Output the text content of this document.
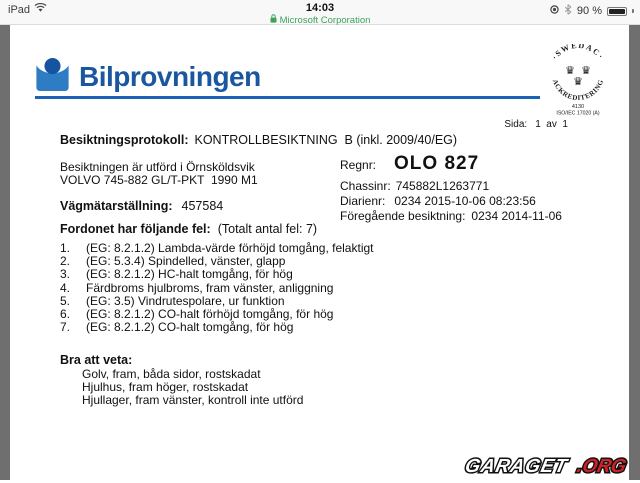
iPad	14:03
Microsoft Corporation
90 %
Bilprovningen
·SWEDAC·
ACKREDITERING
♛ ♛
♛
4130
ISO/IEC 17020 (A)
Sida: 1  av  1
Besiktningsprotokoll: KONTROLLBESIKTNING  B (inkl. 2009/40/EG)
Besiktningen är utförd i Örnsköldsvik
VOLVO 745-882 GL/T-PKT  1990 M1
Vägmätarställning: 457584
Regnr: OLO 827
Chassinr: 745882L1263771
Diarienr: 0234 2015-10-06 08:23:56
Föregående besiktning: 0234 2014-11-06
Fordonet har följande fel: (Totalt antal fel: 7)
1.	(EG: 8.2.1.2) Lambda-värde förhöjd tomgång, felaktigt
2.	(EG: 5.3.4) Spindelled, vänster, glapp
3.	(EG: 8.2.1.2) HC-halt tomgång, för hög
4.	Färdbroms hjulbroms, fram vänster, anliggning
5.	(EG: 3.5) Vindrutespolare, ur funktion
6.	(EG: 8.2.1.2) CO-halt förhöjd tomgång, för hög
7.	(EG: 8.2.1.2) CO-halt tomgång, för hög
Bra att veta:
Golv, fram, båda sidor, rostskadat
Hjulhus, fram höger, rostskadat
Hjullager, fram vänster, kontroll inte utförd
GARAGET .ORG
